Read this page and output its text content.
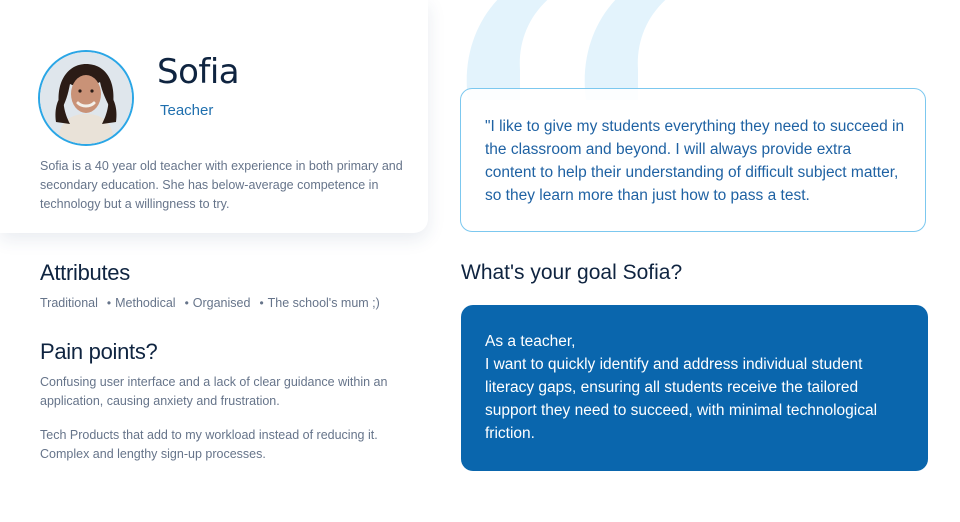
Sofia
Teacher

Sofia is a 40 year old teacher with experience in both primary and secondary education. She has below-average competence in technology but a willingness to try.

Attributes
Traditional • Methodical • Organised • The school's mum ;)
Pain points?

Confusing user interface and a lack of clear guidance within an application, causing anxiety and frustration.

Tech Products that add to my workload instead of reducing it. Complex and lengthy sign-up processes.

"I like to give my students everything they need to succeed in the classroom and beyond. I will always provide extra content to help their understanding of difficult subject matter, so they learn more than just how to pass a test.

What's your goal Sofia?

As a teacher,
I want to quickly identify and address individual student literacy gaps, ensuring all students receive the tailored support they need to succeed, with minimal technological friction.
